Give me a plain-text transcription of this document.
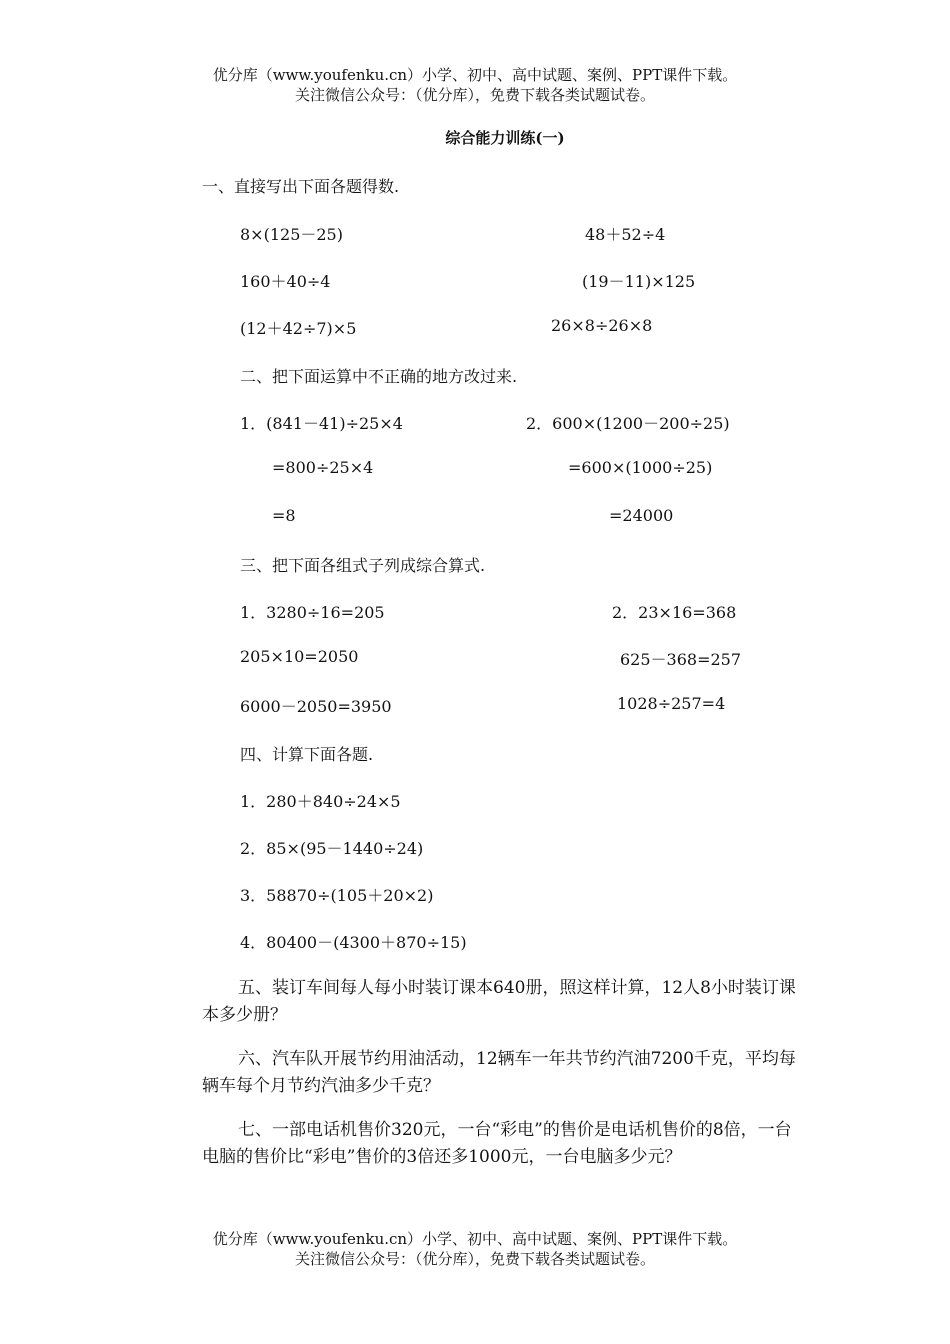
优分库（www.youfenku.cn）小学、初中、高中试题、案例、PPT课件下载。
关注微信公众号：（优分库），免费下载各类试题试卷。
综合能力训练(一)
一、直接写出下面各题得数.
8×(125－25)	48＋52÷4
160＋40÷4	(19－11)×125
(12＋42÷7)×5	26×8÷26×8
二、把下面运算中不正确的地方改过来.
1．(841－41)÷25×4	2．600×(1200－200÷25)
=800÷25×4	=600×(1000÷25)
=8	=24000
三、把下面各组式子列成综合算式.
1．3280÷16=205	2．23×16=368
205×10=2050	625－368=257
6000－2050=3950	1028÷257=4
四、计算下面各题.
1．280＋840÷24×5
2．85×(95－1440÷24)
3．58870÷(105＋20×2)
4．80400－(4300＋870÷15)
五、装订车间每人每小时装订课本640册，照这样计算，12人8小时装订课本多少册？
六、汽车队开展节约用油活动，12辆车一年共节约汽油7200千克，平均每辆车每个月节约汽油多少千克？
七、一部电话机售价320元，一台“彩电”的售价是电话机售价的8倍，一台电脑的售价比“彩电”售价的3倍还多1000元，一台电脑多少元？
优分库（www.youfenku.cn）小学、初中、高中试题、案例、PPT课件下载。
关注微信公众号：（优分库），免费下载各类试题试卷。
